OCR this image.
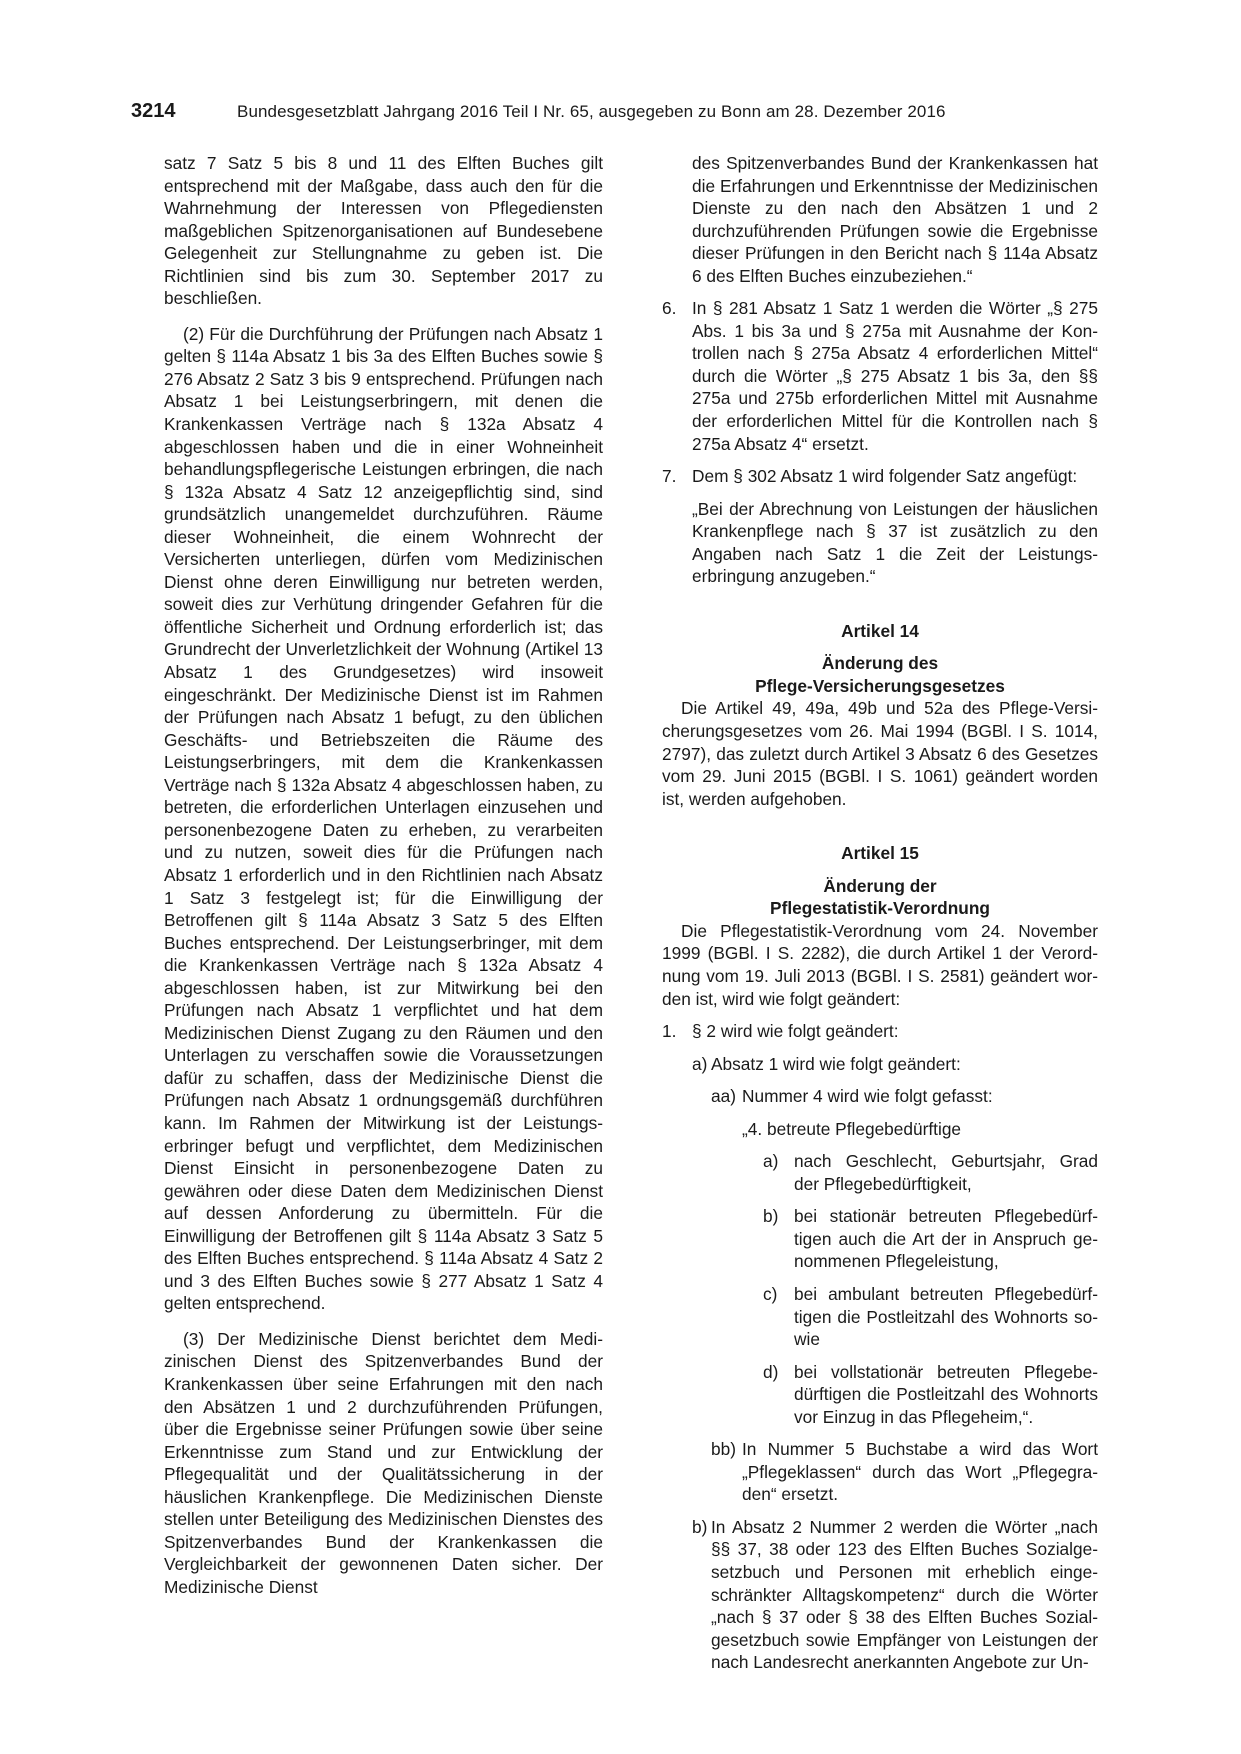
3214	Bundesgesetzblatt Jahrgang 2016 Teil I Nr. 65, ausgegeben zu Bonn am 28. Dezember 2016

satz 7 Satz 5 bis 8 und 11 des Elften Buches gilt entsprechend mit der Maßgabe, dass auch den für die Wahrnehmung der Interessen von Pflegediensten maßgeblichen Spitzenorganisationen auf Bundesebene Gelegenheit zur Stellungnahme zu geben ist. Die Richtlinien sind bis zum 30. September 2017 zu beschließen.

(2) Für die Durchführung der Prüfungen nach Absatz 1 gelten § 114a Absatz 1 bis 3a des Elften Buches sowie § 276 Absatz 2 Satz 3 bis 9 entsprechend. Prüfungen nach Absatz 1 bei Leistungserbringern, mit denen die Krankenkassen Verträge nach § 132a Absatz 4 abgeschlossen haben und die in einer Wohneinheit behandlungspflegerische Leistungen erbringen, die nach § 132a Absatz 4 Satz 12 anzeigepflichtig sind, sind grundsätzlich unangemeldet durchzuführen. Räume dieser Wohneinheit, die einem Wohnrecht der Versicherten unterliegen, dürfen vom Medizinischen Dienst ohne deren Einwilligung nur betreten werden, soweit dies zur Verhütung dringender Gefahren für die öffentliche Sicherheit und Ordnung erforderlich ist; das Grundrecht der Unverletzlichkeit der Wohnung (Artikel 13 Absatz 1 des Grundgesetzes) wird insoweit eingeschränkt. Der Medizinische Dienst ist im Rahmen der Prüfungen nach Absatz 1 befugt, zu den üblichen Geschäfts- und Betriebszeiten die Räume des Leistungserbringers, mit dem die Krankenkassen Verträge nach § 132a Absatz 4 abgeschlossen haben, zu betreten, die erforderlichen Unterlagen einzusehen und personenbezogene Daten zu erheben, zu verarbeiten und zu nutzen, soweit dies für die Prüfungen nach Absatz 1 erforderlich und in den Richtlinien nach Absatz 1 Satz 3 festgelegt ist; für die Einwilligung der Betroffenen gilt § 114a Absatz 3 Satz 5 des Elften Buches entsprechend. Der Leistungserbringer, mit dem die Krankenkassen Verträge nach § 132a Absatz 4 abgeschlossen haben, ist zur Mitwirkung bei den Prüfungen nach Absatz 1 verpflichtet und hat dem Medizinischen Dienst Zugang zu den Räumen und den Unterlagen zu verschaffen sowie die Voraussetzungen dafür zu schaffen, dass der Medizinische Dienst die Prüfungen nach Absatz 1 ordnungsgemäß durchführen kann. Im Rahmen der Mitwirkung ist der Leistungserbringer befugt und verpflichtet, dem Medizinischen Dienst Einsicht in personenbezogene Daten zu gewähren oder diese Daten dem Medizinischen Dienst auf dessen Anforderung zu übermitteln. Für die Einwilligung der Betroffenen gilt § 114a Absatz 3 Satz 5 des Elften Buches entsprechend. § 114a Absatz 4 Satz 2 und 3 des Elften Buches sowie § 277 Absatz 1 Satz 4 gelten entsprechend.

(3) Der Medizinische Dienst berichtet dem Medizinischen Dienst des Spitzenverbandes Bund der Krankenkassen über seine Erfahrungen mit den nach den Absätzen 1 und 2 durchzuführenden Prüfungen, über die Ergebnisse seiner Prüfungen sowie über seine Erkenntnisse zum Stand und zur Entwicklung der Pflegequalität und der Qualitätssicherung in der häuslichen Krankenpflege. Die Medizinischen Dienste stellen unter Beteiligung des Medizinischen Dienstes des Spitzenverbandes Bund der Krankenkassen die Vergleichbarkeit der gewonnenen Daten sicher. Der Medizinische Dienst

des Spitzenverbandes Bund der Krankenkassen hat die Erfahrungen und Erkenntnisse der Medizinischen Dienste zu den nach den Absätzen 1 und 2 durchzuführenden Prüfungen sowie die Ergebnisse dieser Prüfungen in den Bericht nach § 114a Absatz 6 des Elften Buches einzubeziehen.“
6. In § 281 Absatz 1 Satz 1 werden die Wörter „§ 275 Abs. 1 bis 3a und § 275a mit Ausnahme der Kontrollen nach § 275a Absatz 4 erforderlichen Mittel“ durch die Wörter „§ 275 Absatz 1 bis 3a, den §§ 275a und 275b erforderlichen Mittel mit Ausnahme der erforderlichen Mittel für die Kontrollen nach § 275a Absatz 4“ ersetzt.
7. Dem § 302 Absatz 1 wird folgender Satz angefügt:
„Bei der Abrechnung von Leistungen der häuslichen Krankenpflege nach § 37 ist zusätzlich zu den Angaben nach Satz 1 die Zeit der Leistungserbringung anzugeben.“
Artikel 14
Änderung des
Pflege-Versicherungsgesetzes

Die Artikel 49, 49a, 49b und 52a des Pflege-Versicherungsgesetzes vom 26. Mai 1994 (BGBl. I S. 1014, 2797), das zuletzt durch Artikel 3 Absatz 6 des Gesetzes vom 29. Juni 2015 (BGBl. I S. 1061) geändert worden ist, werden aufgehoben.

Artikel 15
Änderung der
Pflegestatistik-Verordnung

Die Pflegestatistik-Verordnung vom 24. November 1999 (BGBl. I S. 2282), die durch Artikel 1 der Verordnung vom 19. Juli 2013 (BGBl. I S. 2581) geändert worden ist, wird wie folgt geändert:

1. § 2 wird wie folgt geändert:
a) Absatz 1 wird wie folgt geändert:
aa) Nummer 4 wird wie folgt gefasst:
„4. betreute Pflegebedürftige
a) nach Geschlecht, Geburtsjahr, Grad der Pflegebedürftigkeit,
b) bei stationär betreuten Pflegebedürftigen auch die Art der in Anspruch genommenen Pflegeleistung,
c) bei ambulant betreuten Pflegebedürftigen die Postleitzahl des Wohnorts sowie
d) bei vollstationär betreuten Pflegebedürftigen die Postleitzahl des Wohnorts vor Einzug in das Pflegeheim,“.
bb) In Nummer 5 Buchstabe a wird das Wort „Pflegeklassen“ durch das Wort „Pflegegraden“ ersetzt.
b) In Absatz 2 Nummer 2 werden die Wörter „nach §§ 37, 38 oder 123 des Elften Buches Sozialgesetzbuch und Personen mit erheblich eingeschränkter Alltagskompetenz“ durch die Wörter „nach § 37 oder § 38 des Elften Buches Sozialgesetzbuch sowie Empfänger von Leistungen der nach Landesrecht anerkannten Angebote zur Un-
